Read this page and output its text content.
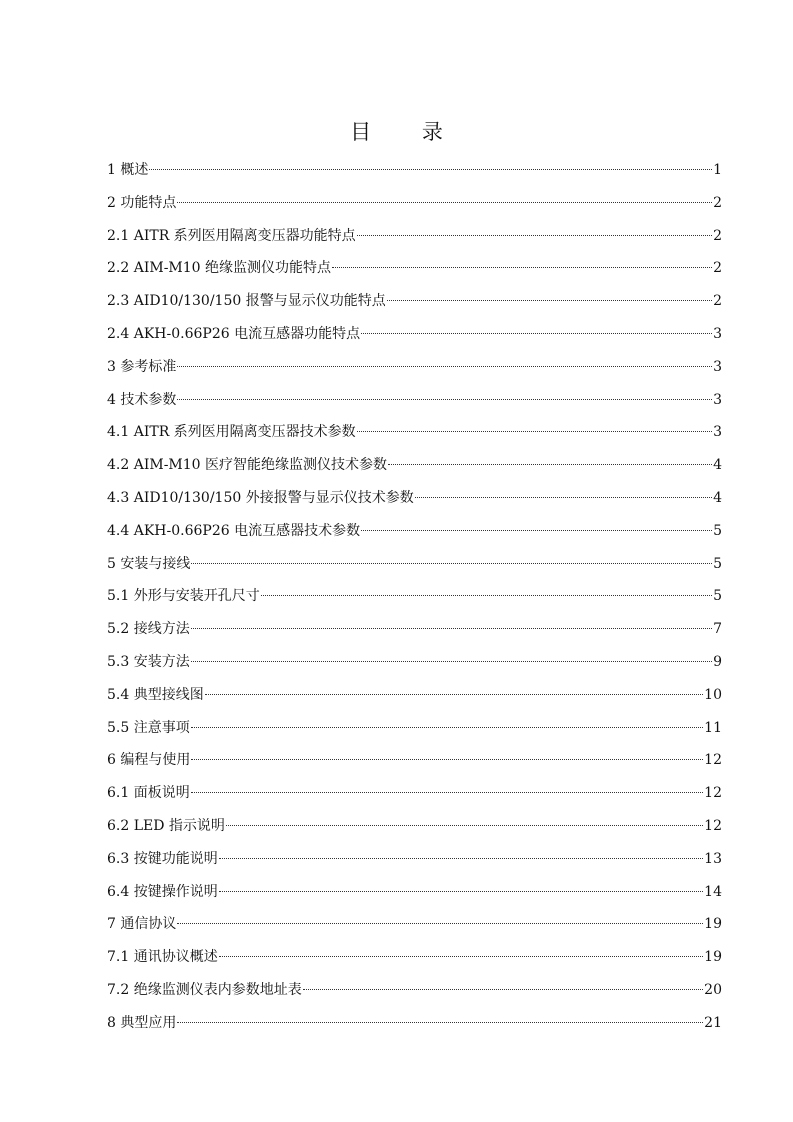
目 录
1 概述	1
2 功能特点	2
2.1 AITR 系列医用隔离变压器功能特点	2
2.2 AIM-M10 绝缘监测仪功能特点	2
2.3 AID10/130/150 报警与显示仪功能特点	2
2.4 AKH-0.66P26 电流互感器功能特点	3
3 参考标准	3
4 技术参数	3
4.1 AITR 系列医用隔离变压器技术参数	3
4.2 AIM-M10 医疗智能绝缘监测仪技术参数	4
4.3 AID10/130/150 外接报警与显示仪技术参数	4
4.4 AKH-0.66P26 电流互感器技术参数	5
5 安装与接线	5
5.1 外形与安装开孔尺寸	5
5.2 接线方法	7
5.3 安装方法	9
5.4 典型接线图	10
5.5 注意事项	11
6 编程与使用	12
6.1 面板说明	12
6.2 LED 指示说明	12
6.3 按键功能说明	13
6.4 按键操作说明	14
7 通信协议	19
7.1 通讯协议概述	19
7.2 绝缘监测仪表内参数地址表	20
8 典型应用	21
